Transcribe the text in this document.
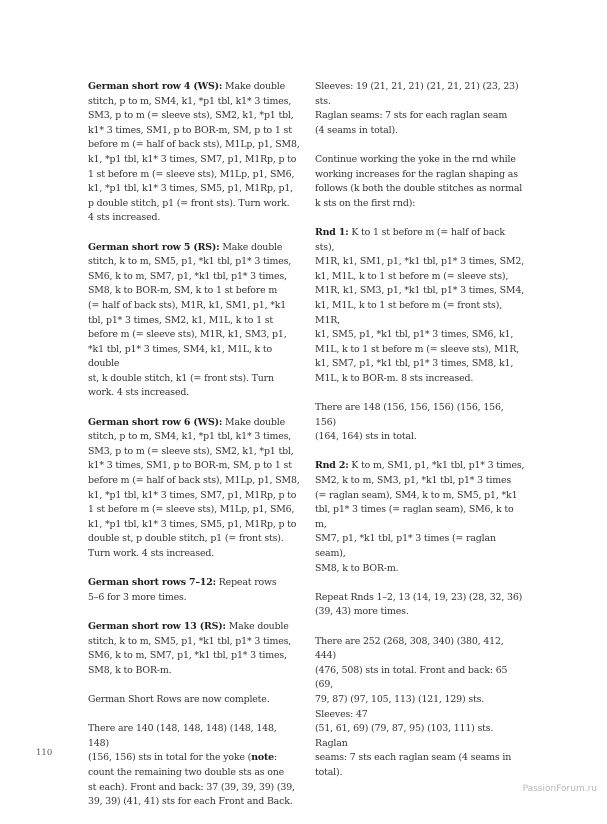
German short row 4 (WS): Make double
stitch, p to m, SM4, k1, *p1 tbl, k1* 3 times,
SM3, p to m (= sleeve sts), SM2, k1, *p1 tbl,
k1* 3 times, SM1, p to BOR-m, SM, p to 1 st
before m (= half of back sts), M1Lp, p1, SM8,
k1, *p1 tbl, k1* 3 times, SM7, p1, M1Rp, p to
1 st before m (= sleeve sts), M1Lp, p1, SM6,
k1, *p1 tbl, k1* 3 times, SM5, p1, M1Rp, p1,
p double stitch, p1 (= front sts). Turn work.
4 sts increased.

German short row 5 (RS): Make double
stitch, k to m, SM5, p1, *k1 tbl, p1* 3 times,
SM6, k to m, SM7, p1, *k1 tbl, p1* 3 times,
SM8, k to BOR-m, SM, k to 1 st before m
(= half of back sts), M1R, k1, SM1, p1, *k1
tbl, p1* 3 times, SM2, k1, M1L, k to 1 st
before m (= sleeve sts), M1R, k1, SM3, p1,
*k1 tbl, p1* 3 times, SM4, k1, M1L, k to double
st, k double stitch, k1 (= front sts). Turn
work. 4 sts increased.

German short row 6 (WS): Make double
stitch, p to m, SM4, k1, *p1 tbl, k1* 3 times,
SM3, p to m (= sleeve sts), SM2, k1, *p1 tbl,
k1* 3 times, SM1, p to BOR-m, SM, p to 1 st
before m (= half of back sts), M1Lp, p1, SM8,
k1, *p1 tbl, k1* 3 times, SM7, p1, M1Rp, p to
1 st before m (= sleeve sts), M1Lp, p1, SM6,
k1, *p1 tbl, k1* 3 times, SM5, p1, M1Rp, p to
double st, p double stitch, p1 (= front sts).
Turn work. 4 sts increased.

German short rows 7–12: Repeat rows
5–6 for 3 more times.

German short row 13 (RS): Make double
stitch, k to m, SM5, p1, *k1 tbl, p1* 3 times,
SM6, k to m, SM7, p1, *k1 tbl, p1* 3 times,
SM8, k to BOR-m.

German Short Rows are now complete.

There are 140 (148, 148, 148) (148, 148, 148)
(156, 156) sts in total for the yoke (note:
count the remaining two double sts as one
st each). Front and back: 37 (39, 39, 39) (39,
39, 39) (41, 41) sts for each Front and Back.

Sleeves: 19 (21, 21, 21) (21, 21, 21) (23, 23) sts.
Raglan seams: 7 sts for each raglan seam
(4 seams in total).

Continue working the yoke in the rnd while
working increases for the raglan shaping as
follows (k both the double stitches as normal
k sts on the first rnd):

Rnd 1: K to 1 st before m (= half of back sts),
M1R, k1, SM1, p1, *k1 tbl, p1* 3 times, SM2,
k1, M1L, k to 1 st before m (= sleeve sts),
M1R, k1, SM3, p1, *k1 tbl, p1* 3 times, SM4,
k1, M1L, k to 1 st before m (= front sts), M1R,
k1, SM5, p1, *k1 tbl, p1* 3 times, SM6, k1,
M1L, k to 1 st before m (= sleeve sts), M1R,
k1, SM7, p1, *k1 tbl, p1* 3 times, SM8, k1,
M1L, k to BOR-m. 8 sts increased.

There are 148 (156, 156, 156) (156, 156, 156)
(164, 164) sts in total.

Rnd 2: K to m, SM1, p1, *k1 tbl, p1* 3 times,
SM2, k to m, SM3, p1, *k1 tbl, p1* 3 times
(= raglan seam), SM4, k to m, SM5, p1, *k1
tbl, p1* 3 times (= raglan seam), SM6, k to m,
SM7, p1, *k1 tbl, p1* 3 times (= raglan seam),
SM8, k to BOR-m.

Repeat Rnds 1–2, 13 (14, 19, 23) (28, 32, 36)
(39, 43) more times.

There are 252 (268, 308, 340) (380, 412, 444)
(476, 508) sts in total. Front and back: 65 (69,
79, 87) (97, 105, 113) (121, 129) sts. Sleeves: 47
(51, 61, 69) (79, 87, 95) (103, 111) sts. Raglan
seams: 7 sts each raglan seam (4 seams in
total).

110
PassionForum.ru
